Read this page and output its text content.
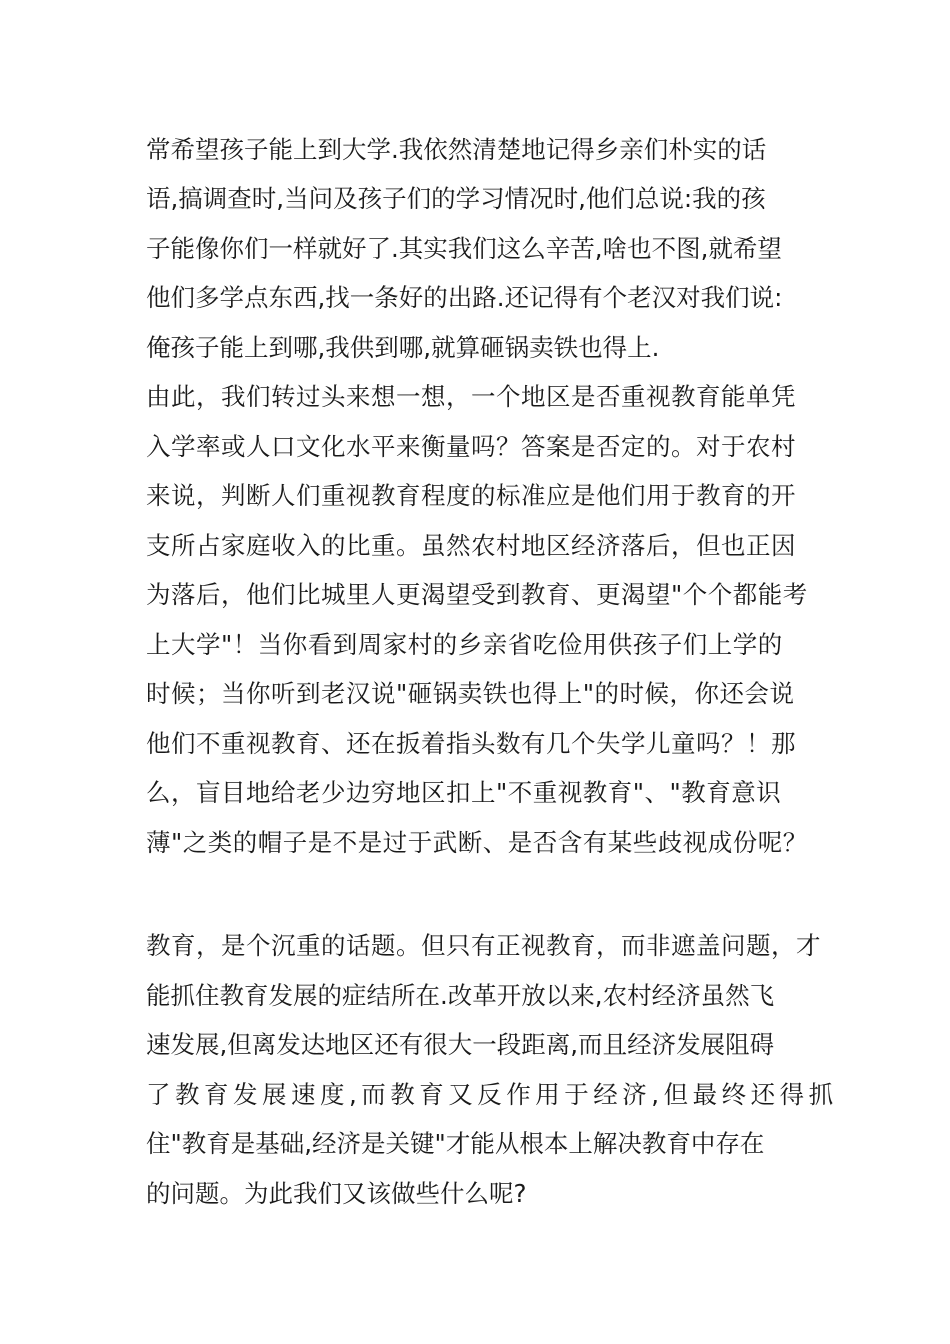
常希望孩子能上到大学.我依然清楚地记得乡亲们朴实的话
语,搞调查时,当问及孩子们的学习情况时,他们总说:我的孩
子能像你们一样就好了.其实我们这么辛苦,啥也不图,就希望
他们多学点东西,找一条好的出路.还记得有个老汉对我们说:
俺孩子能上到哪,我供到哪,就算砸锅卖铁也得上.
由此，我们转过头来想一想，一个地区是否重视教育能单凭
入学率或人口文化水平来衡量吗？答案是否定的。对于农村
来说，判断人们重视教育程度的标准应是他们用于教育的开
支所占家庭收入的比重。虽然农村地区经济落后，但也正因
为落后，他们比城里人更渴望受到教育、更渴望"个个都能考
上大学"！当你看到周家村的乡亲省吃俭用供孩子们上学的
时候；当你听到老汉说"砸锅卖铁也得上"的时候，你还会说
他们不重视教育、还在扳着指头数有几个失学儿童吗？！那
么，盲目地给老少边穷地区扣上"不重视教育"、"教育意识
薄"之类的帽子是不是过于武断、是否含有某些歧视成份呢？
教育，是个沉重的话题。但只有正视教育，而非遮盖问题，才
能抓住教育发展的症结所在.改革开放以来,农村经济虽然飞
速发展,但离发达地区还有很大一段距离,而且经济发展阻碍
了教育发展速度,而教育又反作用于经济,但最终还得抓
住"教育是基础,经济是关键"才能从根本上解决教育中存在
的问题。为此我们又该做些什么呢?
